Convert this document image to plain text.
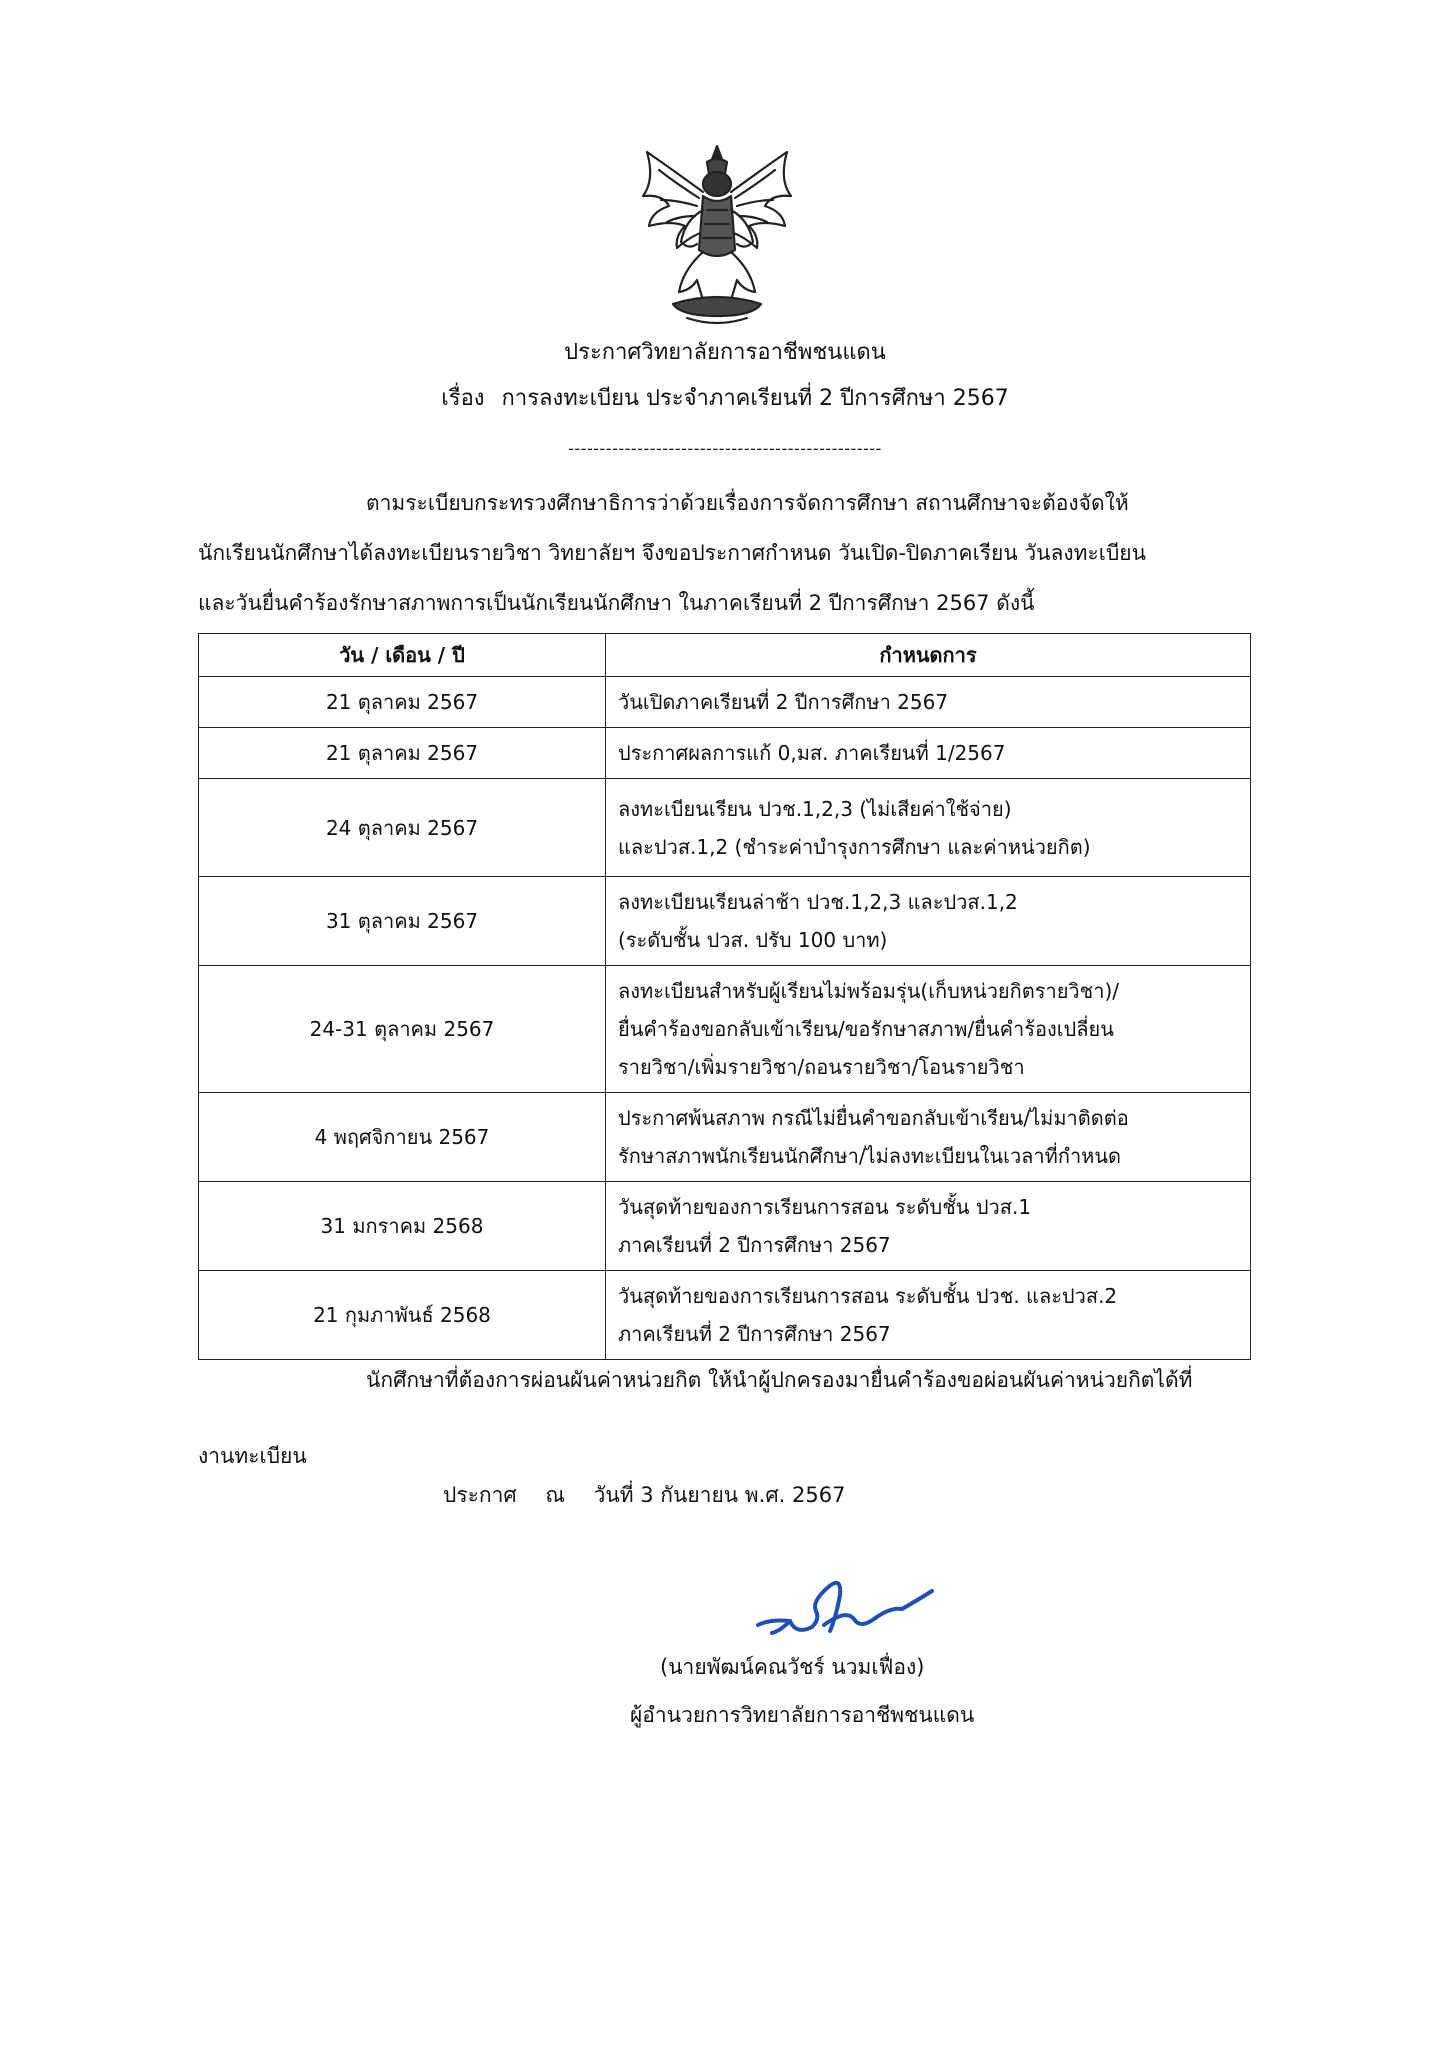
ประกาศวิทยาลัยการอาชีพชนแดน
เรื่อง การลงทะเบียน ประจำภาคเรียนที่ 2 ปีการศึกษา 2567
--------------------------------------------------

ตามระเบียบกระทรวงศึกษาธิการว่าด้วยเรื่องการจัดการศึกษา สถานศึกษาจะต้องจัดให้

นักเรียนนักศึกษาได้ลงทะเบียนรายวิชา วิทยาลัยฯ จึงขอประกาศกำหนด วันเปิด-ปิดภาคเรียน วันลงทะเบียน

และวันยื่นคำร้องรักษาสภาพการเป็นนักเรียนนักศึกษา ในภาคเรียนที่ 2 ปีการศึกษา 2567 ดังนี้

วัน / เดือน / ปี	กำหนดการ
21 ตุลาคม 2567	วันเปิดภาคเรียนที่ 2 ปีการศึกษา 2567

21 ตุลาคม 2567	ประกาศผลการแก้ 0,มส. ภาคเรียนที่ 1/2567

24 ตุลาคม 2567	ลงทะเบียนเรียน ปวช.1,2,3 (ไม่เสียค่าใช้จ่าย)
และปวส.1,2 (ชำระค่าบำรุงการศึกษา และค่าหน่วยกิต)

31 ตุลาคม 2567	ลงทะเบียนเรียนล่าช้า ปวช.1,2,3 และปวส.1,2
(ระดับชั้น ปวส. ปรับ 100 บาท)

24-31 ตุลาคม 2567	ลงทะเบียนสำหรับผู้เรียนไม่พร้อมรุ่น(เก็บหน่วยกิตรายวิชา)/
ยื่นคำร้องขอกลับเข้าเรียน/ขอรักษาสภาพ/ยื่นคำร้องเปลี่ยน
รายวิชา/เพิ่มรายวิชา/ถอนรายวิชา/โอนรายวิชา

4 พฤศจิกายน 2567	ประกาศพ้นสภาพ กรณีไม่ยื่นคำขอกลับเข้าเรียน/ไม่มาติดต่อ
รักษาสภาพนักเรียนนักศึกษา/ไม่ลงทะเบียนในเวลาที่กำหนด

31 มกราคม 2568	วันสุดท้ายของการเรียนการสอน ระดับชั้น ปวส.1
ภาคเรียนที่ 2 ปีการศึกษา 2567

21 กุมภาพันธ์ 2568	วันสุดท้ายของการเรียนการสอน ระดับชั้น ปวช. และปวส.2
ภาคเรียนที่ 2 ปีการศึกษา 2567

นักศึกษาที่ต้องการผ่อนผันค่าหน่วยกิต ให้นำผู้ปกครองมายื่นคำร้องขอผ่อนผันค่าหน่วยกิตได้ที่

งานทะเบียน

ประกาศ ณ วันที่ 3 กันยายน พ.ศ. 2567
(นายพัฒน์คณวัชร์ นวมเฟื่อง)
ผู้อำนวยการวิทยาลัยการอาชีพชนแดน
